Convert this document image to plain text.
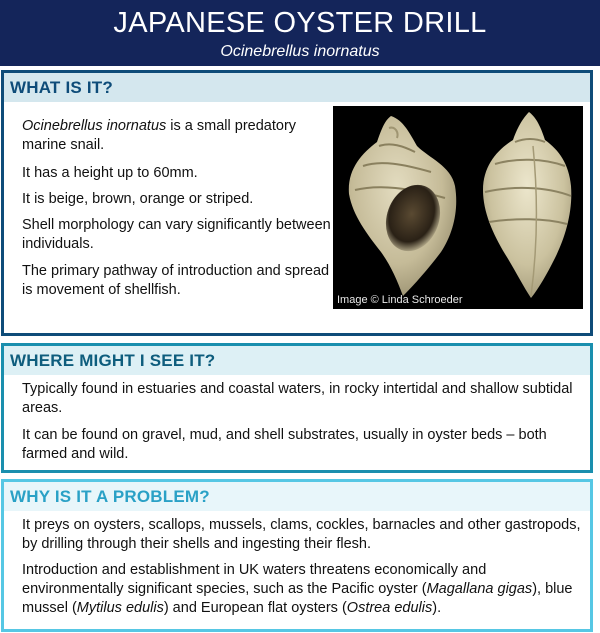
JAPANESE OYSTER DRILL
Ocinebrellus inornatus
WHAT IS IT?

Ocinebrellus inornatus is a small predatory marine snail.

It has a height up to 60mm.

It is beige, brown, orange or striped.

Shell morphology can vary significantly between individuals.

The primary pathway of introduction and spread is movement of shellfish.

Image © Linda Schroeder
WHERE MIGHT I SEE IT?

Typically found in estuaries and coastal waters, in rocky intertidal and shallow subtidal areas.

It can be found on gravel, mud, and shell substrates, usually in oyster beds – both farmed and wild.

WHY IS IT A PROBLEM?

It preys on oysters, scallops, mussels, clams, cockles, barnacles and other gastropods, by drilling through their shells and ingesting their flesh.

Introduction and establishment in UK waters threatens economically and environmentally significant species, such as the Pacific oyster (Magallana gigas), blue mussel (Mytilus edulis) and European flat oysters (Ostrea edulis).
